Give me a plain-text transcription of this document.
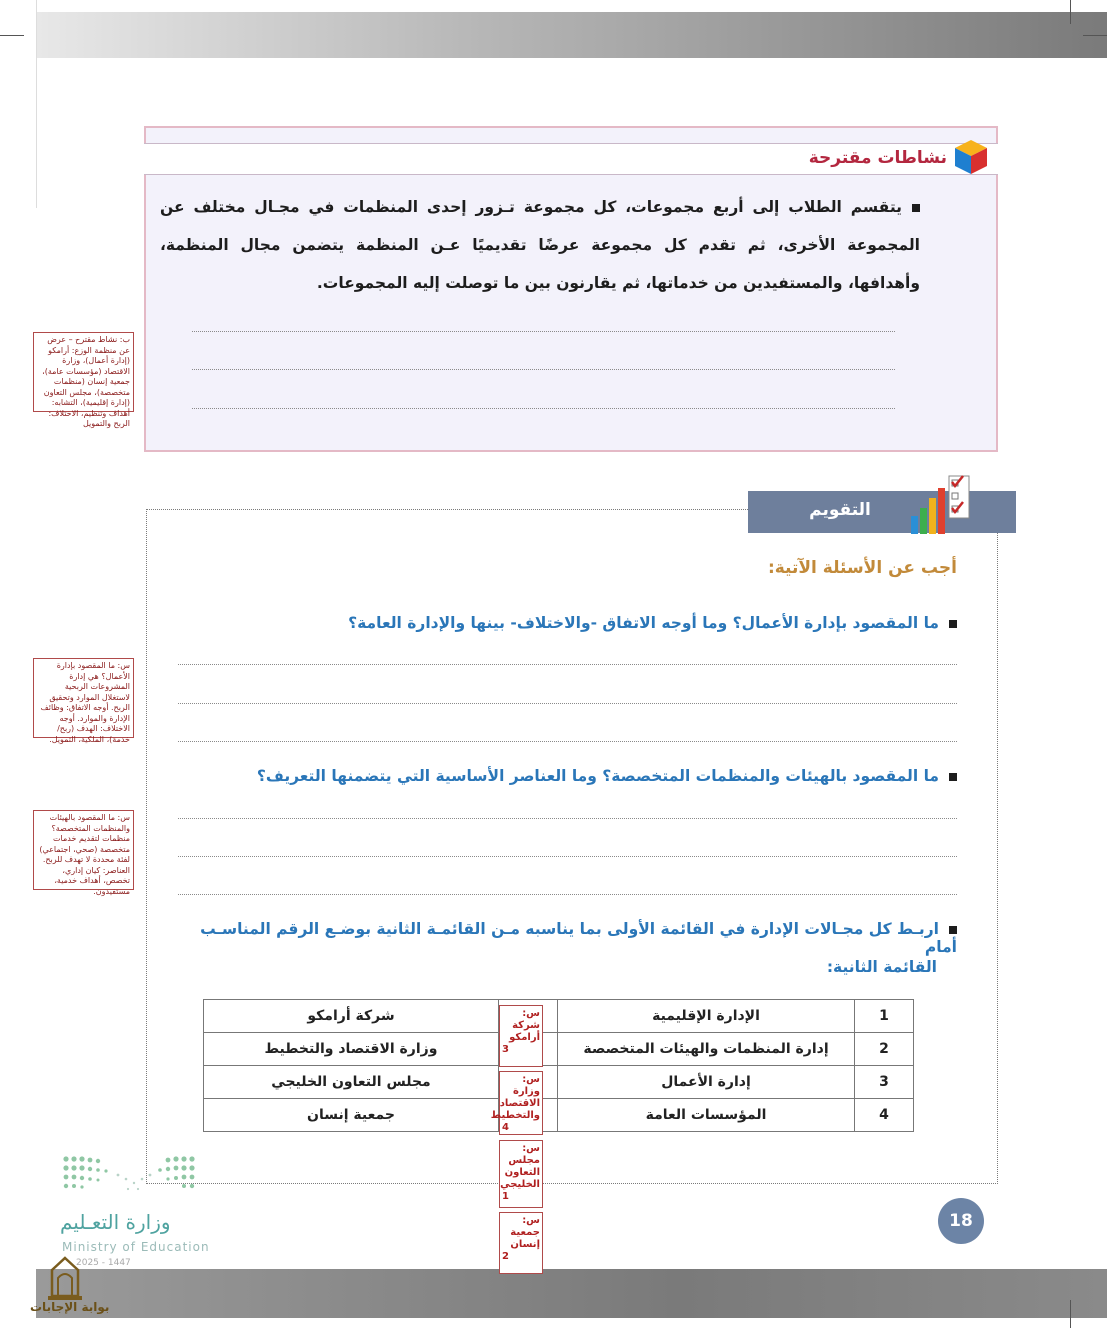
نشاطات مقترحة
يتقسم الطلاب إلى أربع مجموعات، كل مجموعة تـزور إحدى المنظمات في مجـال مختلف عن المجموعة الأخرى، ثم تقدم كل مجموعة عرضًا تقديميًا عـن المنظمة يتضمن مجال المنظمة، وأهدافها، والمستفيدين من خدماتها، ثم يقارنون بين ما توصلت إليه المجموعات.
التقويم
أجب عن الأسئلة الآتية:
ما المقصود بإدارة الأعمال؟ وما أوجه الاتفاق -والاختلاف- بينها والإدارة العامة؟
ما المقصود بالهيئات والمنظمات المتخصصة؟ وما العناصر الأساسية التي يتضمنها التعريف؟
اربـط كل مجـالات الإدارة في القائمة الأولى بما يناسبه مـن القائمـة الثانية بوضـع الرقم المناسـب أمام
القائمة الثانية:
1	الإدارة الإقليمية		شركة أرامكو
2	إدارة المنظمات والهيئات المتخصصة		وزارة الاقتصاد والتخطيط
3	إدارة الأعمال		مجلس التعاون الخليجي
4	المؤسسات العامة		جمعية إنسان
س: شركة أرامكو
3
س: وزارة الاقتصاد والتخطيط
4
س: مجلس التعاون الخليجي
1
س: جمعية إنسان
2
ب: نشاط مقترح – عرض عن منظمة الوزع: أرامكو (إدارة أعمال)، وزارة الاقتصاد (مؤسسات عامة)، جمعية إنسان (منظمات متخصصة)، مجلس التعاون (إدارة إقليمية)، التشابه: أهداف وتنظيم، الاختلاف: الربح والتمويل
س: ما المقصود بإدارة الأعمال؟ هي إدارة المشروعات الربحية لاستغلال الموارد وتحقيق الربح. أوجه الاتفاق: وظائف الإدارة والموارد. أوجه الاختلاف: الهدف (ربح/خدمة)، الملكية، التمويل.
س: ما المقصود بالهيئات والمنظمات المتخصصة؟ منظمات لتقديم خدمات متخصصة (صحي، اجتماعي) لفئة محددة لا تهدف للربح. العناصر: كيان إداري، تخصص، أهداف خدمية، مستفيدون.
وزارة التعـليم
Ministry of Education
2025 - 1447
18
بوابة الإجابات
